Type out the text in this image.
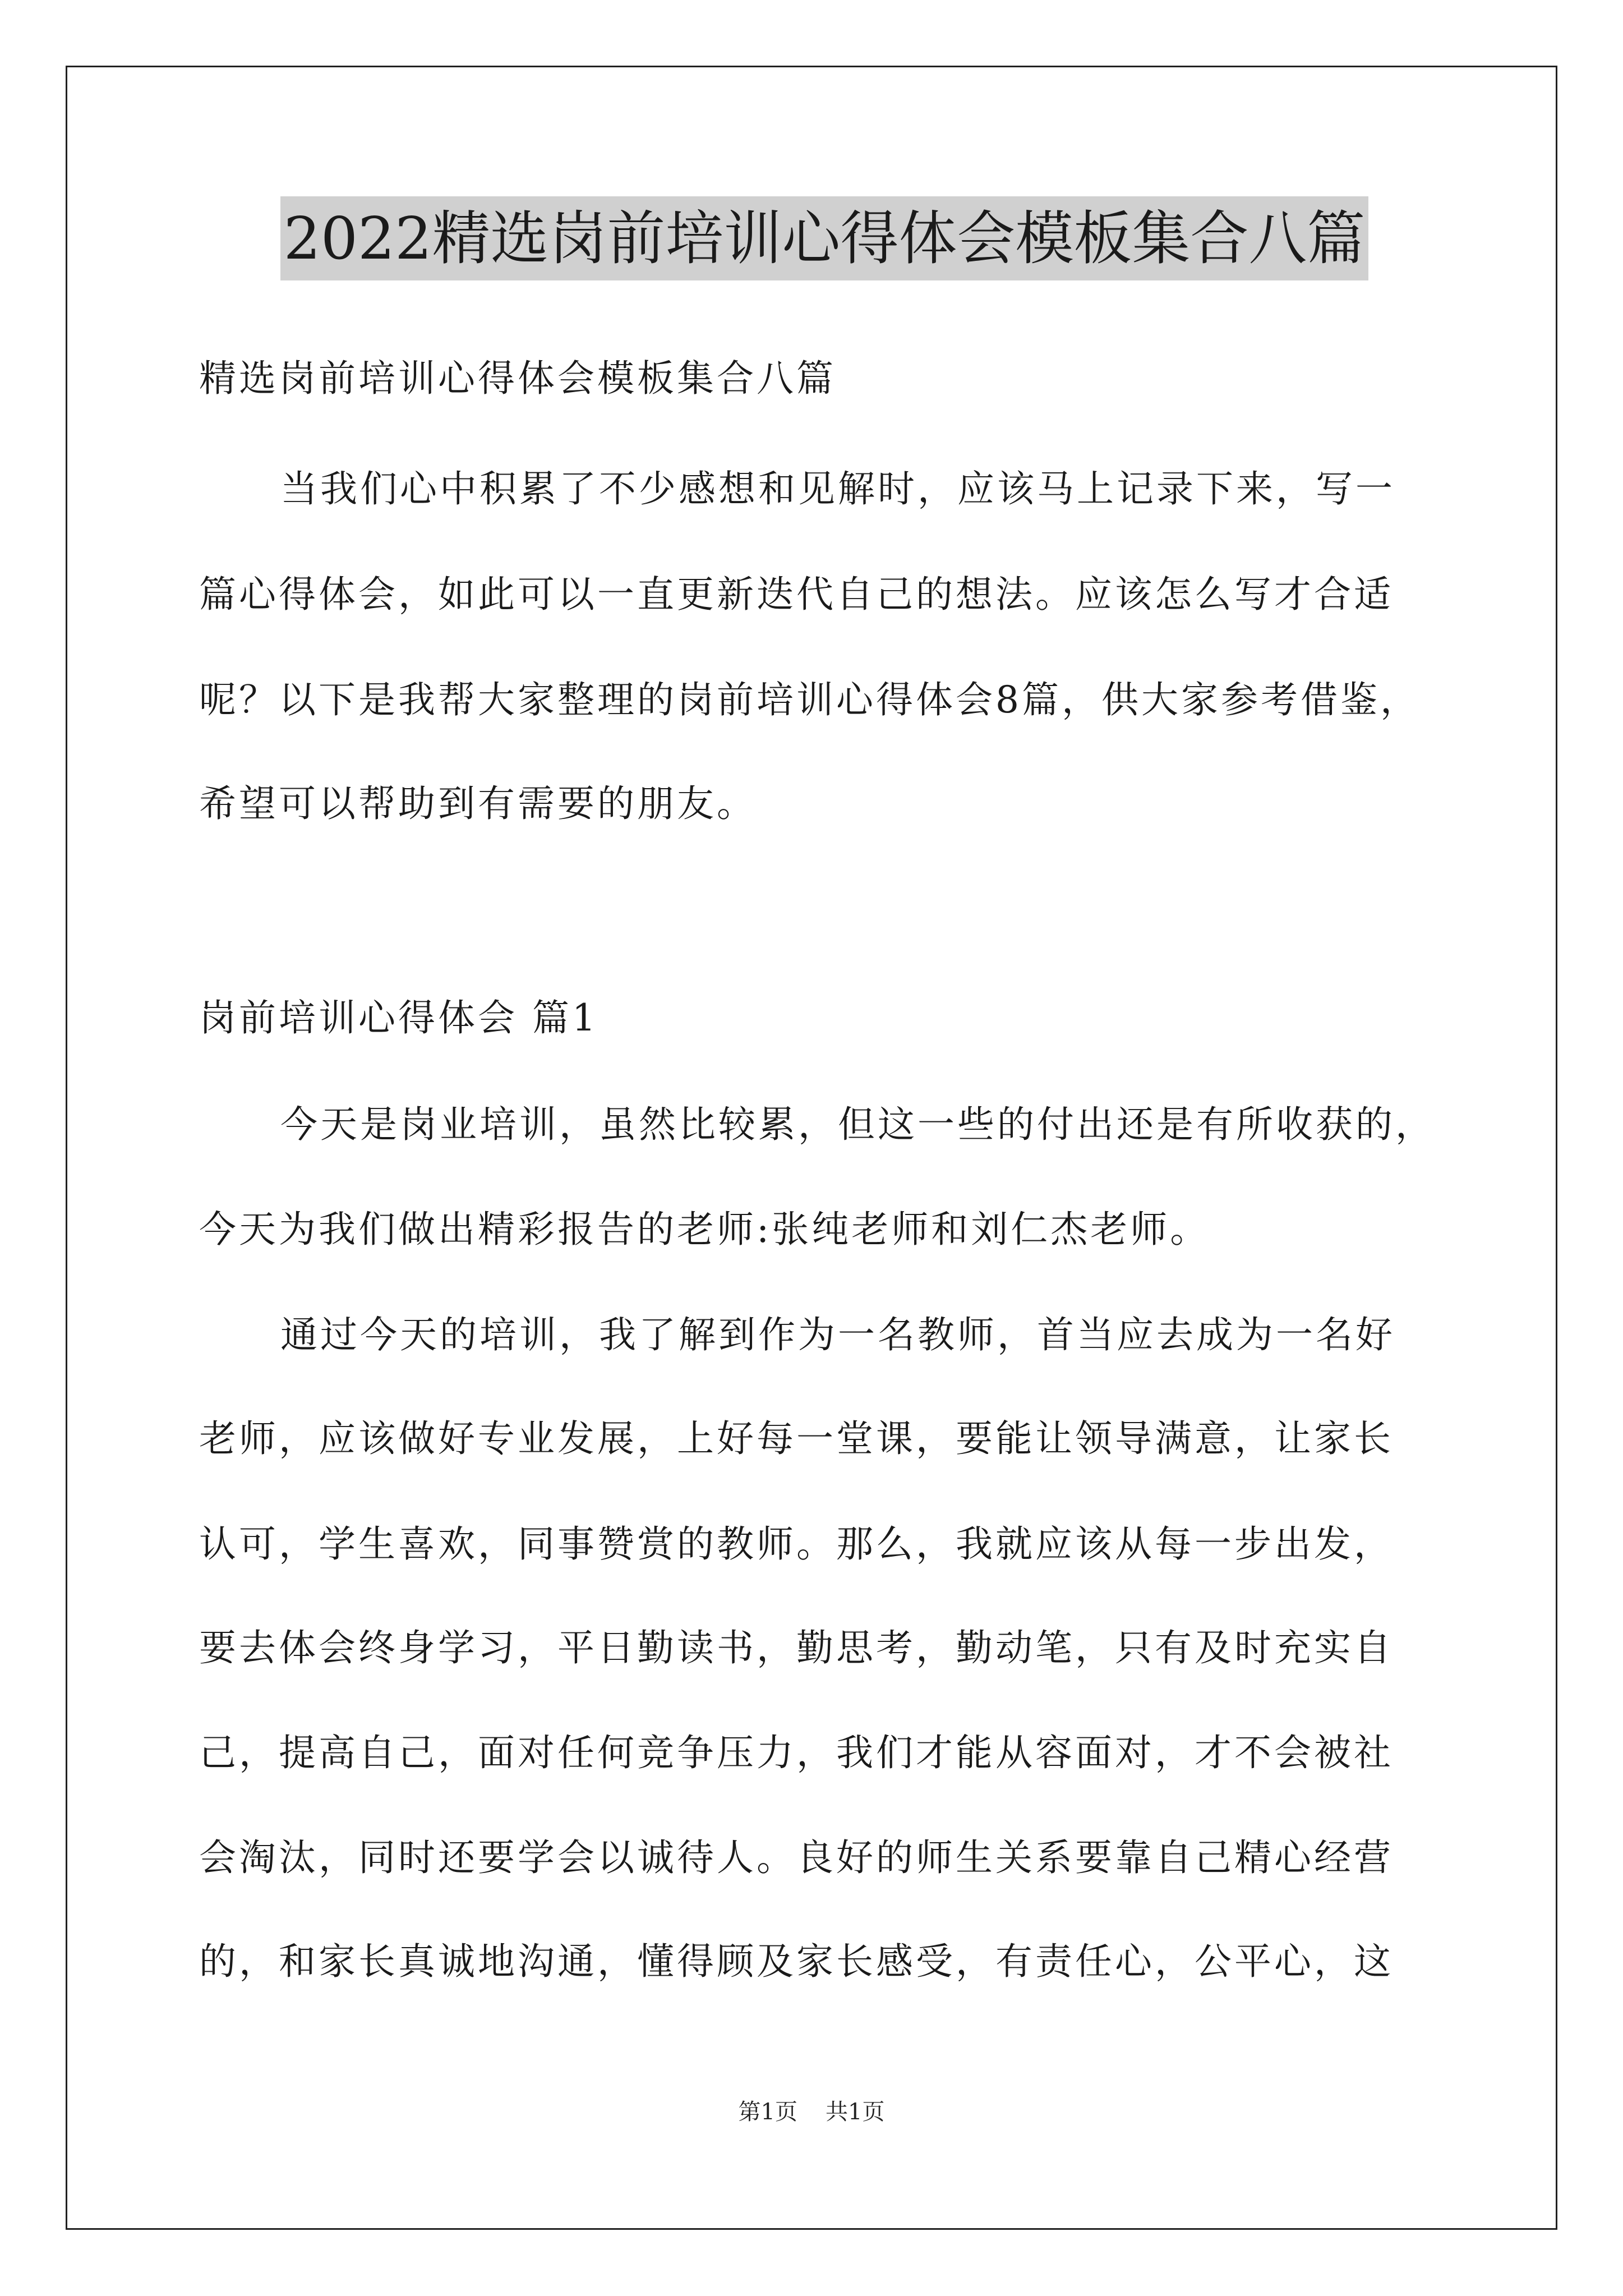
2022精选岗前培训心得体会模板集合八篇
精选岗前培训心得体会模板集合八篇
当我们心中积累了不少感想和见解时，应该马上记录下来，写一
篇心得体会，如此可以一直更新迭代自己的想法。应该怎么写才合适
呢？以下是我帮大家整理的岗前培训心得体会8篇，供大家参考借鉴，
希望可以帮助到有需要的朋友。
岗前培训心得体会 篇1
今天是岗业培训，虽然比较累，但这一些的付出还是有所收获的，
今天为我们做出精彩报告的老师:张纯老师和刘仁杰老师。
通过今天的培训，我了解到作为一名教师，首当应去成为一名好
老师，应该做好专业发展，上好每一堂课，要能让领导满意，让家长
认可，学生喜欢，同事赞赏的教师。那么，我就应该从每一步出发，
要去体会终身学习，平日勤读书，勤思考，勤动笔，只有及时充实自
己，提高自己，面对任何竞争压力，我们才能从容面对，才不会被社
会淘汰，同时还要学会以诚待人。良好的师生关系要靠自己精心经营
的，和家长真诚地沟通，懂得顾及家长感受，有责任心，公平心，这
第1页 共1页
